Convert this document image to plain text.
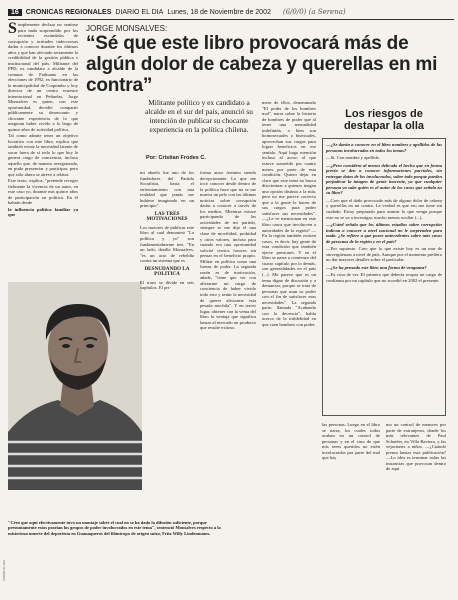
16	CRONICAS REGIONALES DIARIO EL DIA Lunes, 18 de Noviembre de 2002 (6/0/0) (a Serena)
S implemente declara no sentirse para nada sorprendido por los recientes escándalos de corrupción y actitudes indecorosas dadas a conocer durante los últimos años y que han afectado seriamente la credibilidad de la gestión pública e institucional del país. Militante del PPD, ex candidato a alcalde de la comuna de Paihuano en las elecciones de 1992, ex funcionario de la municipalidad de Coquimbo y hoy director de un centro ecuestre internacional en Peñuelas, Jorge Monsalves es quien, con este oportunidad, decidió compartir públicamente su desencanto y chocante experiencia de lo que aseguran haber vivido a lo largo de quince años de actividad política.

Tal como admite tener un objetivo lucrativo con este libro, explica que también existe la necesidad latente de sacar fuera de sí todo lo que hoy le genera cargo de conciencia, incluso aquello que, de manera avergonzada, en pudo presenciar y participar, pero que sólo ahora se atreve a relatar.

Este texto, explica, "pretende recoger fielmente la vivencia de un autor, en este caso yo, durante mis quince años de participación en política. En él habrán desde

la influencia política familiar ya que

JORGE MONSALVES:
“Sé que este libro provocará más de algún dolor de cabeza y querellas en mi contra”
Militante político y ex candidato a alcalde en el sur del país, anunció su intención de publicar su chocante experiencia en la política chilena.
Por: Cristian Frodes C.

mi abuelo fue uno de los fundadores del Partido Socialista, hasta el enfrentamiento con una realidad que jamás me hubiese imaginado en un principio".

LAS TRES MOTIVACIONES

Los motores de publicar este libro al cual denominó "La política y yo" son fundamentalmente tres. "En un lado, detalla Monsalves, "es un acto de rebeldía contra un sistema que es

DESNUDANDO LA POLITICA

El trazo se divide en seis capítulos. El pri-

forma atroz termino siendo decepcionante. Lo que me tocó conocer desde dentro de la política hace que no se me mueva un pelo con las últimas noticias sobre corrupción dadas a conocer a través de los medios. Mientras estuve participando de las actividades de mi partido, siempre se me dijo el una clase de movilidad, probidad y otros valores, incluso para cuando era una oportunidad solicité ciertos favores sin pensar en el beneficio propio. Militar en política como una fuerza de poder. La segunda razón es de motivación, añade, "tiene que ver con aliviarme mi cargo de conciencia de haber vivido todo esto y sentir la necesidad de querer aliviarme esta pesada mochila". Y en tercer lugar, obtener con la venta del libro la ventaja que significa lanzar al mercado un producto que resulte exitoso.

mero de ellos, denominado "El poder de los hombres mal", narra sobre la historia de hombres de poder que al tener una sensualidad indefinida, o bien son homosexuales o bisexuales, aprovechan sus cargos para lograr beneficios en ese sentido. Aquí hago mención incluso al acoso al que estuve sometido por cuatro meses por parte de esta condición. Quiero dejar en claro que este tema no busca discriminar a quienes tengan una opción distinta a la mía, pero no me parece correcto que a la gente le hacen de sus cargos para poder satisfacer sus necesidades". —¿Le ve mencionan en este libro casos que involucren a autoridades de la región? —En la región también existen casos, es decir, hay gente de esta condición que también ejerce presiones. Y en el libro se narra a comienzo del cuarto capítulo por lo demás, son generalidades en el país (...). Me parece que es un tema digno de discusión y a denunciar, porque se trata de personas que usan su poder con el fin de satisfacer esas necesidades". La segunda parte, llamada "Acabando con la decencia", habla acerca de la infidelidad en que caen hombres con poder.

Los riesgos de destapar la olla

—¿Se darán a conocer en el libro nombres y apellidos de las personas involucradas en todos los temas?

—Sí. Con nombre y apellido.

—¿Pero considera al menos delicado el hecho que en forma previa se den a conocer informaciones parciales, sin entregar datos de los involucrados, sobre todo porque pueden perjudicar la imagen de gente inocente, ya que cualquier persona ya sabe quién es el autor de los casos que señala en su libro?

—Creo que el daño provocado más de alguno dolor de cabeza y querellas en mi contra. La verdad es que eso me tiene sin cuidado. Estoy preparado para asumir lo que venga porque esto no se va a investigar, mucho menos ocultar (...).

—¿Usted señala que los últimos estudios sobre corrupción indican a conocer a nivel nacional no le sorprenden para nada. ¿Se refiere a que posee antecedentes sobre más casos de personas de la región y en el país?

—Por supuesto. Creo que lo que existe hoy es un mar de sinvergüenzas a nivel de país. Aunque por el momento prefiero no dar mayores detalles sobre el particular.

—¿Se ha pensado este libro una forma de venganza?

—Es cosa de ver. El primero que debería ocupar un cargo de confianza por un capítulo que no sucedió en 2002 el presente.

las personas. Luego en el libro se narra, los cuales todos acaban en un control de personas y en el caso de que mis seres queridos no estén involucrados por parte del mal que hay

mo un control de menores por parte de extranjeros, donde los más relevantes de Paul Schaefer, en Villa Baviera, y las vejaciones a niños. —¿Cuándo piensa lanzar esta publicación? —Lo idea es terminar todas las instancias que provocan dentro de aquí

"Creo que aquí efectivamente tuvo un montaje sobre el cual no se ha dado la difusión suficiente, porque presuntamente estos poseían los grupos de poder involucrados en este tema", sentenció Monsalves respecto a la misteriosa muerte del deportista en Guanaqueros del filántropo de origen suizo, Fritz Willy Lindenmann.
DIARIO EL DIA
